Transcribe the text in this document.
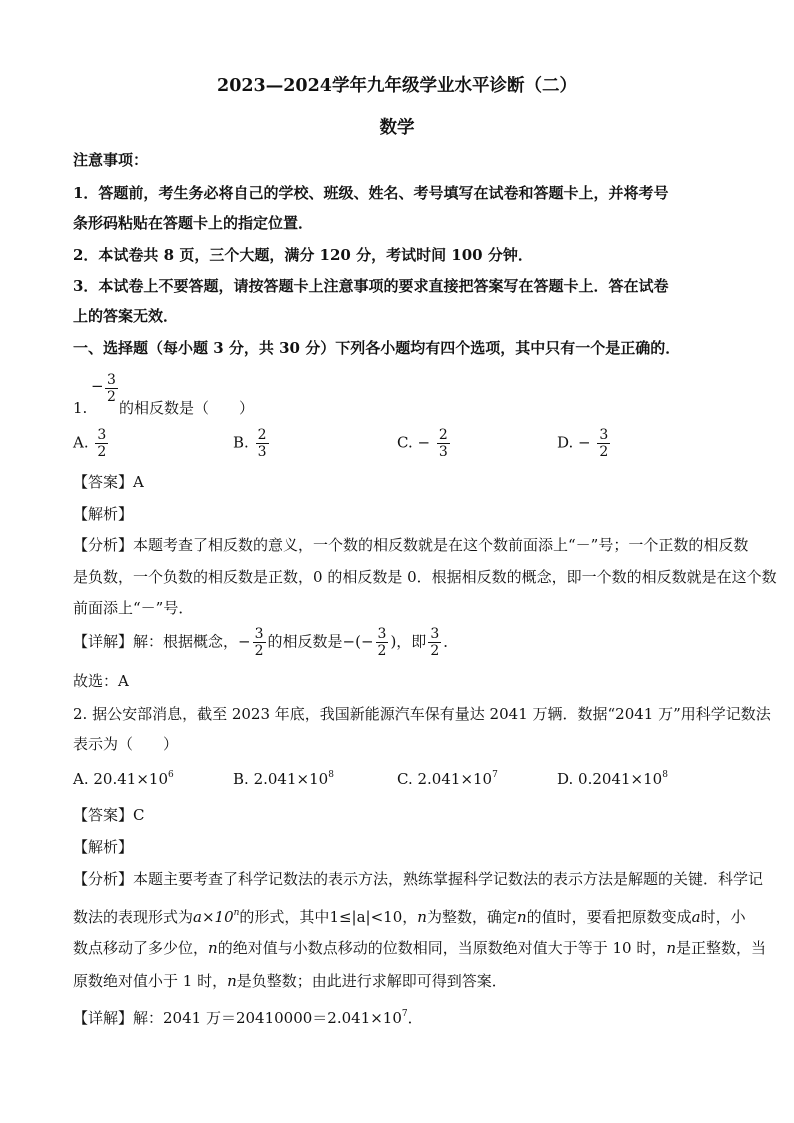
2023—2024学年九年级学业水平诊断（二）
数学
注意事项：
1．答题前，考生务必将自己的学校、班级、姓名、考号填写在试卷和答题卡上，并将考号
条形码粘贴在答题卡上的指定位置．
2．本试卷共 8 页，三个大题，满分 120 分，考试时间 100 分钟．
3．本试卷上不要答题，请按答题卡上注意事项的要求直接把答案写在答题卡上．答在试卷
上的答案无效．
一、选择题（每小题 3 分，共 30 分）下列各小题均有四个选项，其中只有一个是正确的．
1.
− $\frac{3}{2}$
的相反数是（　　）
A. $\frac{3}{2}$	B. $\frac{2}{3}$	C. − $\frac{2}{3}$	D. − $\frac{3}{2}$
【答案】A
【解析】
【分析】本题考查了相反数的意义，一个数的相反数就是在这个数前面添上“－”号；一个正数的相反数
是负数，一个负数的相反数是正数，0 的相反数是 0．根据相反数的概念，即一个数的相反数就是在这个数
前面添上“－”号．
【详解】解：根据概念，− $\frac{3}{2}$ 的相反数是−(− $\frac{3}{2}$ )，即 $\frac{3}{2}$ ．
故选：A
2. 据公安部消息，截至 2023 年底，我国新能源汽车保有量达 2041 万辆．数据“2041 万”用科学记数法
表示为（　　）
A. $20.41\times 10^6$	B. $2.041\times 10^8$	C. $2.041\times 10^7$	D. $0.2041\times 10^8$
【答案】C
【解析】
【分析】本题主要考查了科学记数法的表示方法，熟练掌握科学记数法的表示方法是解题的关键．科学记
数法的表现形式为$a\times 10^n$的形式，其中1≤|a|<10，n为整数，确定n的值时，要看把原数变成a时，小
数点移动了多少位，n的绝对值与小数点移动的位数相同，当原数绝对值大于等于 10 时，n是正整数，当
原数绝对值小于 1 时，n是负整数；由此进行求解即可得到答案．
【详解】解：2041 万$=20410000=2.041\times 10^7$．
